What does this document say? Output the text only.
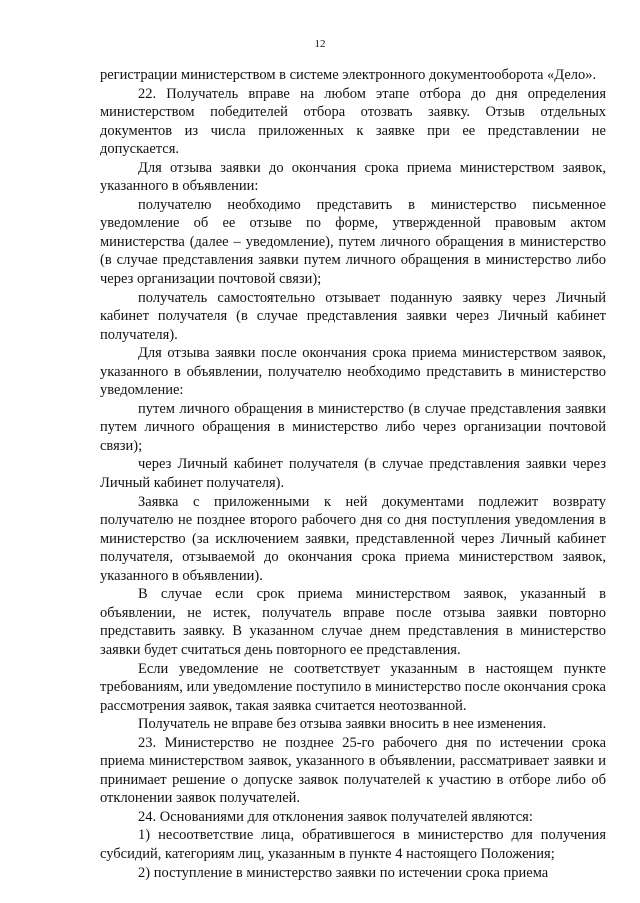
12

регистрации министерством в системе электронного документооборота «Дело».

22. Получатель вправе на любом этапе отбора до дня определения министерством победителей отбора отозвать заявку. Отзыв отдельных документов из числа приложенных к заявке при ее представлении не допускается.

Для отзыва заявки до окончания срока приема министерством заявок, указанного в объявлении:

получателю необходимо представить в министерство письменное уведомление об ее отзыве по форме, утвержденной правовым актом министерства (далее – уведомление), путем личного обращения в министерство (в случае представления заявки путем личного обращения в министерство либо через организации почтовой связи);

получатель самостоятельно отзывает поданную заявку через Личный кабинет получателя (в случае представления заявки через Личный кабинет получателя).

Для отзыва заявки после окончания срока приема министерством заявок, указанного в объявлении, получателю необходимо представить в министерство уведомление:

путем личного обращения в министерство (в случае представления заявки путем личного обращения в министерство либо через организации почтовой связи);

через Личный кабинет получателя (в случае представления заявки через Личный кабинет получателя).

Заявка с приложенными к ней документами подлежит возврату получателю не позднее второго рабочего дня со дня поступления уведомления в министерство (за исключением заявки, представленной через Личный кабинет получателя, отзываемой до окончания срока приема министерством заявок, указанного в объявлении).

В случае если срок приема министерством заявок, указанный в объявлении, не истек, получатель вправе после отзыва заявки повторно представить заявку. В указанном случае днем представления в министерство заявки будет считаться день повторного ее представления.

Если уведомление не соответствует указанным в настоящем пункте требованиям, или уведомление поступило в министерство после окончания срока рассмотрения заявок, такая заявка считается неотозванной.

Получатель не вправе без отзыва заявки вносить в нее изменения.

23. Министерство не позднее 25-го рабочего дня по истечении срока приема министерством заявок, указанного в объявлении, рассматривает заявки и принимает решение о допуске заявок получателей к участию в отборе либо об отклонении заявок получателей.

24. Основаниями для отклонения заявок получателей являются:

1) несоответствие лица, обратившегося в министерство для получения субсидий, категориям лиц, указанным в пункте 4 настоящего Положения;

2) поступление в министерство заявки по истечении срока приема
